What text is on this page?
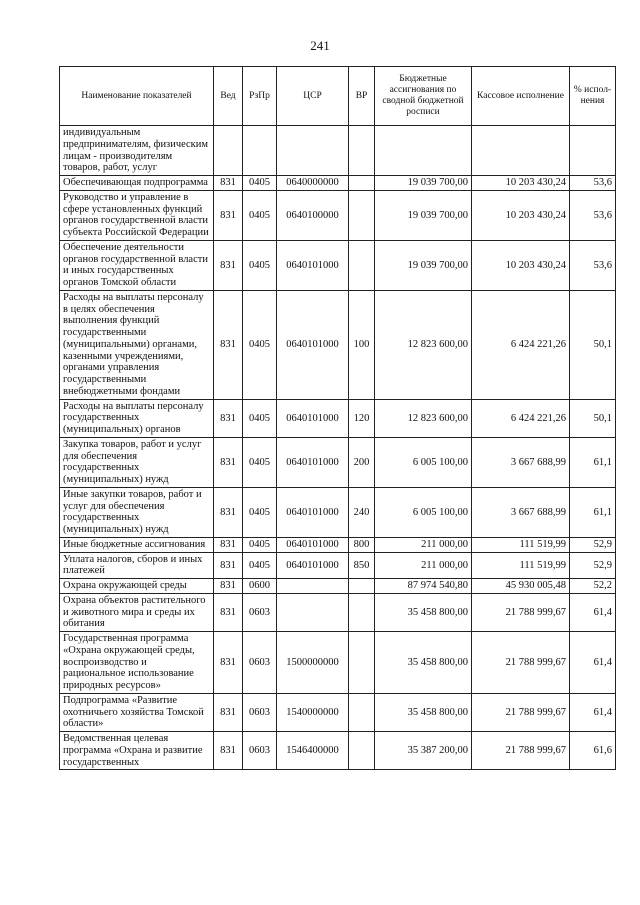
241
Наименование показателей	Вед	РзПр	ЦСР	ВР	Бюджетные ассигнования по сводной бюджетной росписи	Кассовое исполнение	% испол-нения
индивидуальным предпринимателям, физическим лицам - производителям товаров, работ, услуг							
Обеспечивающая подпрограмма	831	0405	0640000000		19 039 700,00	10 203 430,24	53,6
Руководство и управление в сфере установленных функций органов государственной власти субъекта Российской Федерации	831	0405	0640100000		19 039 700,00	10 203 430,24	53,6
Обеспечение деятельности органов государственной власти и иных государственных органов Томской области	831	0405	0640101000		19 039 700,00	10 203 430,24	53,6
Расходы на выплаты персоналу в целях обеспечения выполнения функций государственными (муниципальными) органами, казенными учреждениями, органами управления государственными внебюджетными фондами	831	0405	0640101000	100	12 823 600,00	6 424 221,26	50,1
Расходы на выплаты персоналу государственных (муниципальных) органов	831	0405	0640101000	120	12 823 600,00	6 424 221,26	50,1
Закупка товаров, работ и услуг для обеспечения государственных (муниципальных) нужд	831	0405	0640101000	200	6 005 100,00	3 667 688,99	61,1
Иные закупки товаров, работ и услуг для обеспечения государственных (муниципальных) нужд	831	0405	0640101000	240	6 005 100,00	3 667 688,99	61,1
Иные бюджетные ассигнования	831	0405	0640101000	800	211 000,00	111 519,99	52,9
Уплата налогов, сборов и иных платежей	831	0405	0640101000	850	211 000,00	111 519,99	52,9
Охрана окружающей среды	831	0600			87 974 540,80	45 930 005,48	52,2
Охрана объектов растительного и животного мира и среды их обитания	831	0603			35 458 800,00	21 788 999,67	61,4
Государственная программа «Охрана окружающей среды, воспроизводство и рациональное использование природных ресурсов»	831	0603	1500000000		35 458 800,00	21 788 999,67	61,4
Подпрограмма «Развитие охотничьего хозяйства Томской области»	831	0603	1540000000		35 458 800,00	21 788 999,67	61,4
Ведомственная целевая программа «Охрана и развитие государственных	831	0603	1546400000		35 387 200,00	21 788 999,67	61,6
